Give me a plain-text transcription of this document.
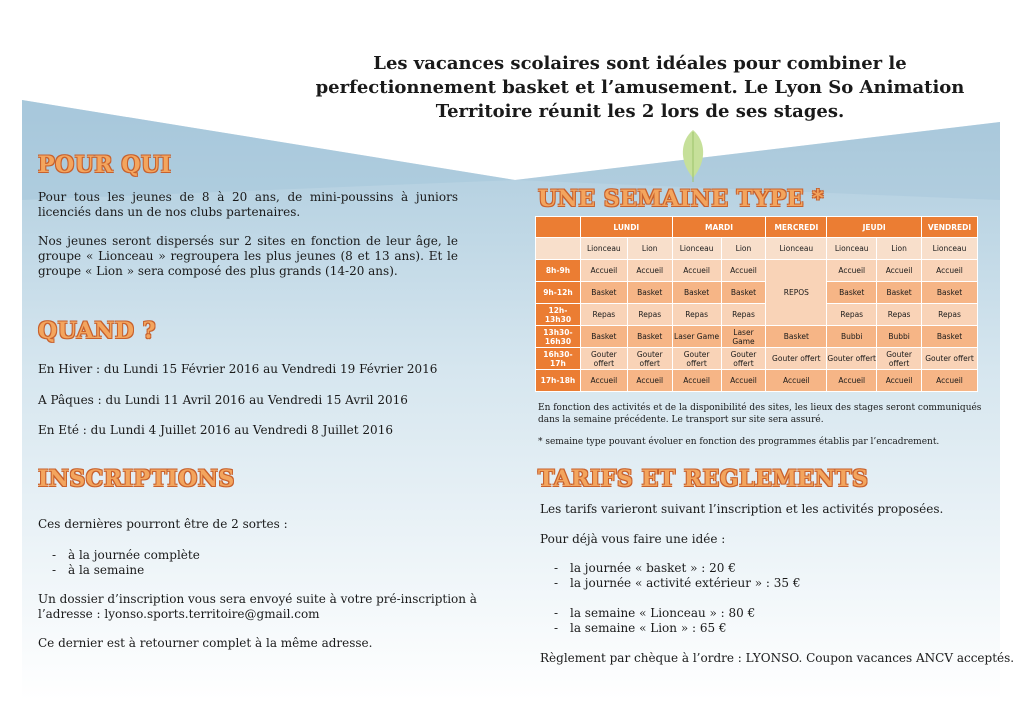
Les vacances scolaires sont idéales pour combiner le
perfectionnement basket et l’amusement. Le Lyon So Animation
Territoire réunit les 2 lors de ses stages.
POUR QUI

Pour tous les jeunes de 8 à 20 ans, de mini-poussins à juniors licenciés dans un de nos clubs partenaires.

Nos jeunes seront dispersés sur 2 sites en fonction de leur âge, le groupe « Lionceau » regroupera les plus jeunes (8 et 13 ans). Et le groupe « Lion » sera composé des plus grands (14-20 ans).

QUAND ?

En Hiver : du Lundi 15 Février 2016 au Vendredi 19 Février 2016

A Pâques : du Lundi 11 Avril 2016 au Vendredi 15 Avril 2016

En Eté : du Lundi 4 Juillet 2016 au Vendredi 8 Juillet 2016

INSCRIPTIONS

Ces dernières pourront être de 2 sortes :

- à la journée complète
- à la semaine

Un dossier d’inscription vous sera envoyé suite à votre pré-inscription à

l’adresse : lyonso.sports.territoire@gmail.com

Ce dernier est à retourner complet à la même adresse.

UNE SEMAINE TYPE *
	LUNDI		MARDI		MERCREDI	JEUDI		VENDREDI
	Lionceau	Lion	Lionceau	Lion	Lionceau	Lionceau	Lion	Lionceau
8h-9h	Accueil	Accueil	Accueil	Accueil	REPOS	Accueil	Accueil	Accueil
9h-12h	Basket	Basket	Basket	Basket		Basket	Basket	Basket
12h-13h30	Repas	Repas	Repas	Repas		Repas	Repas	Repas
13h30-16h30	Basket	Basket	Laser Game	Laser Game	Basket	Bubbi	Bubbi	Basket
16h30-17h	Gouter offert	Gouter offert	Gouter offert	Gouter offert	Gouter offert	Gouter offert	Gouter offert	Gouter offert
17h-18h	Accueil	Accueil	Accueil	Accueil	Accueil	Accueil	Accueil	Accueil

En fonction des activités et de la disponibilité des sites, les lieux des stages seront communiqués dans la semaine précédente. Le transport sur site sera assuré.

* semaine type pouvant évoluer en fonction des programmes établis par l’encadrement.

TARIFS ET REGLEMENTS

Les tarifs varieront suivant l’inscription et les activités proposées.

Pour déjà vous faire une idée :

- la journée « basket » : 20 €
- la journée « activité extérieur » : 35 €
- la semaine « Lionceau » : 80 €
- la semaine « Lion » : 65 €

Règlement par chèque à l’ordre : LYONSO. Coupon vacances ANCV acceptés.
